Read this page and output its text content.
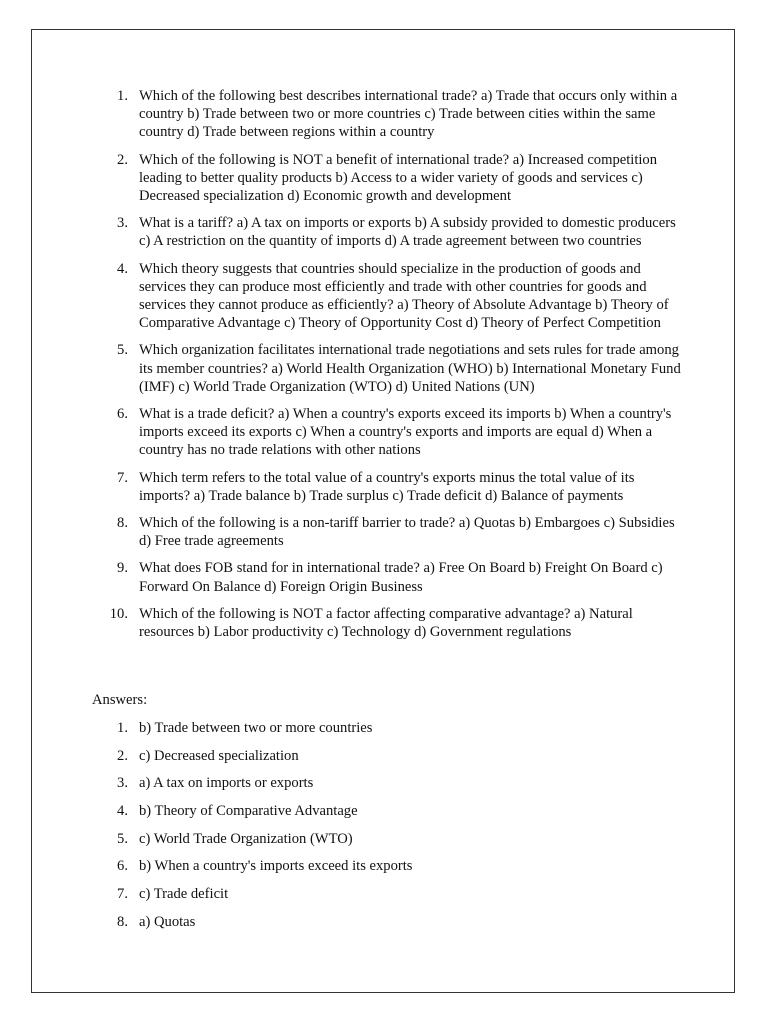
1. Which of the following best describes international trade? a) Trade that occurs only within a country b) Trade between two or more countries c) Trade between cities within the same country d) Trade between regions within a country
2. Which of the following is NOT a benefit of international trade? a) Increased competition leading to better quality products b) Access to a wider variety of goods and services c) Decreased specialization d) Economic growth and development
3. What is a tariff? a) A tax on imports or exports b) A subsidy provided to domestic producers c) A restriction on the quantity of imports d) A trade agreement between two countries
4. Which theory suggests that countries should specialize in the production of goods and services they can produce most efficiently and trade with other countries for goods and services they cannot produce as efficiently? a) Theory of Absolute Advantage b) Theory of Comparative Advantage c) Theory of Opportunity Cost d) Theory of Perfect Competition
5. Which organization facilitates international trade negotiations and sets rules for trade among its member countries? a) World Health Organization (WHO) b) International Monetary Fund (IMF) c) World Trade Organization (WTO) d) United Nations (UN)
6. What is a trade deficit? a) When a country's exports exceed its imports b) When a country's imports exceed its exports c) When a country's exports and imports are equal d) When a country has no trade relations with other nations
7. Which term refers to the total value of a country's exports minus the total value of its imports? a) Trade balance b) Trade surplus c) Trade deficit d) Balance of payments
8. Which of the following is a non-tariff barrier to trade? a) Quotas b) Embargoes c) Subsidies d) Free trade agreements
9. What does FOB stand for in international trade? a) Free On Board b) Freight On Board c) Forward On Balance d) Foreign Origin Business
10. Which of the following is NOT a factor affecting comparative advantage? a) Natural resources b) Labor productivity c) Technology d) Government regulations
Answers:
1. b) Trade between two or more countries
2. c) Decreased specialization
3. a) A tax on imports or exports
4. b) Theory of Comparative Advantage
5. c) World Trade Organization (WTO)
6. b) When a country's imports exceed its exports
7. c) Trade deficit
8. a) Quotas
